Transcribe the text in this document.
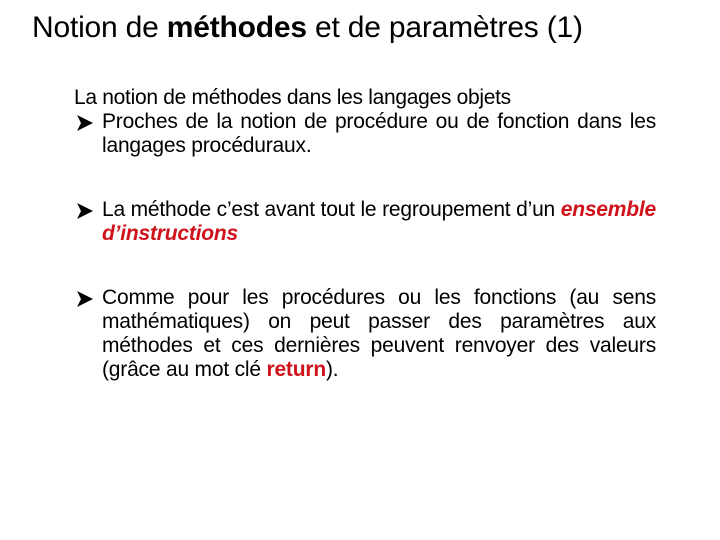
Notion de méthodes et de paramètres (1)

La notion de méthodes dans les langages objets

Proches de la notion de procédure ou de fonction dans les langages procéduraux.

La méthode c’est avant tout le regroupement d’un ensemble d’instructions

Comme pour les procédures ou les fonctions (au sens mathématiques) on peut passer des paramètres aux méthodes et ces dernières peuvent renvoyer des valeurs (grâce au mot clé return).
